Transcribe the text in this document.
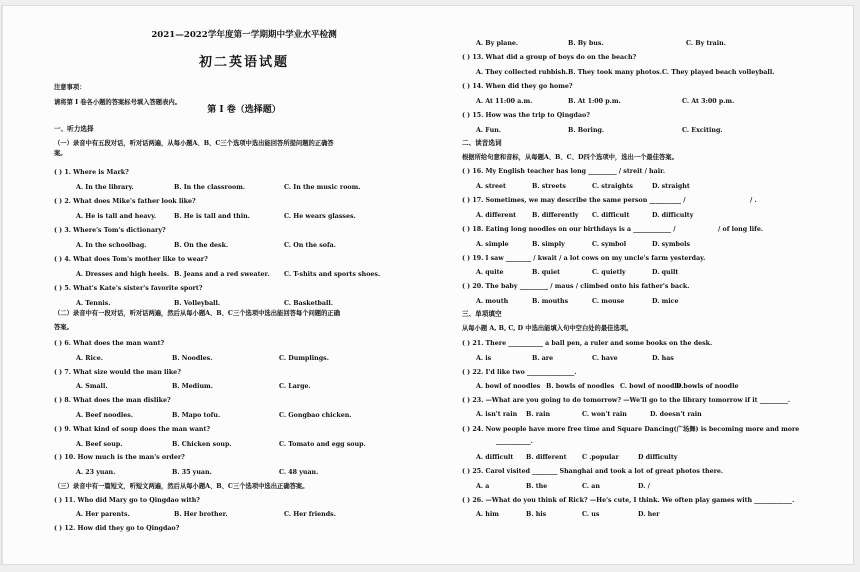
2021—2022学年度第一学期期中学业水平检测
初二英语试题
注意事项：
请将第 I 卷各小题的答案标号填入答题表内。
第 I 卷（选择题）
一、听力选择
（一）录音中有五段对话，听对话两遍，从每小题A、B、C三个选项中选出能回答所提问题的正确答
案。
( ) 1. Where is Mark?
A. In the library.	B. In the classroom.	C. In the music room.
( ) 2. What does Mike's father look like?
A. He is tall and heavy.	B. He is tall and thin.	C. He wears glasses.
( ) 3. Where's Tom's dictionary?
A. In the schoolbag.	B. On the desk.	C. On the sofa.
( ) 4. What does Tom's mother like to wear?
A. Dresses and high heels. B. Jeans and a red sweater. C. T-shits and sports shoes.
( ) 5. What's Kate's sister's favorite sport?
A. Tennis.	B. Volleyball.	C. Basketball.
（二）录音中有一段对话，听对话两遍，然后从每小题A、B、C三个选项中选出能回答每个问题的正确
答案。
( ) 6. What does the man want?
A. Rice.	B. Noodles.	C. Dumplings.
( ) 7. What size would the man like?
A. Small.	B. Medium.	C. Large.
( ) 8. What does the man dislike?
A. Beef noodles.	B. Mapo tofu.	C. Gongbao chicken.
( ) 9. What kind of soup does the man want?
A. Beef soup.	B. Chicken soup.	C. Tomato and egg soup.
( ) 10. How much is the man's order?
A. 23 yuan.	B. 35 yuan.	C. 48 yuan.
（三）录音中有一篇短文，听短文两遍，然后从每小题A、B、C三个选项中选出正确答案。
( ) 11. Who did Mary go to Qingdao with?
A. Her parents.	B. Her brother.	C. Her friends.
( ) 12. How did they go to Qingdao?
A. By plane.	B. By bus.	C. By train.
( ) 13. What did a group of boys do on the beach?
A. They collected rubbish. B. They took many photos. C. They played beach volleyball.
( ) 14. When did they go home?
A. At 11:00 a.m.	B. At 1:00 p.m.	C. At 3:00 p.m.
( ) 15. How was the trip to Qingdao?
A. Fun.	B. Boring.	C. Exciting.
二、读音选词
根据所给句意和音标，从每题A、B、C、D四个选项中，选出一个最佳答案。
( ) 16. My English teacher has long _________ / streit / hair.
A. street	B. streets	C. straights	D. straight
( ) 17. Sometimes, we may describe the same person __________ /	/ .
A. different	B. differently C. difficult	D. difficulty
( ) 18. Eating long noodles on our birthdays is a ____________ /	/ of long life.
A. simple	B. simply	C. symbol	D. symbols
( ) 19. I saw ________ / kwait / a lot cows on my uncle's farm yesterday.
A. quite	B. quiet	C. quietly	D. quilt
( ) 20. The baby _________ / maus / climbed onto his father's back.
A. mouth	B. mouths	C. mouse	D. mice
三、单项填空
从每小题 A, B, C, D 中选出能填入句中空白处的最佳选项。
( ) 21. There ___________ a ball pen, a ruler and some books on the desk.
A. is	B. are	C. have	D. has
( ) 22. I'd like two _______________.
A. bowl of noodles B. bowls of noodles C. bowl of noodle
D.bowls of noodle
( ) 23. —What are you going to do tomorrow? —We'll go to the library tomorrow if it _________.
A. isn't rain B. rain	C. won't rain	D. doesn't rain
( ) 24. Now people have more free time and Square Dancing(广场舞) is becoming more and more
___________.
A. difficult B. different C .popular	D difficulty
( ) 25. Carol visited ________ Shanghai and took a lot of great photos there.
A. a	B. the	C. an	D. /
( ) 26. —What do you think of Rick? —He's cute, I think. We often play games with ____________.
A. him	B. his	C. us	D. her
